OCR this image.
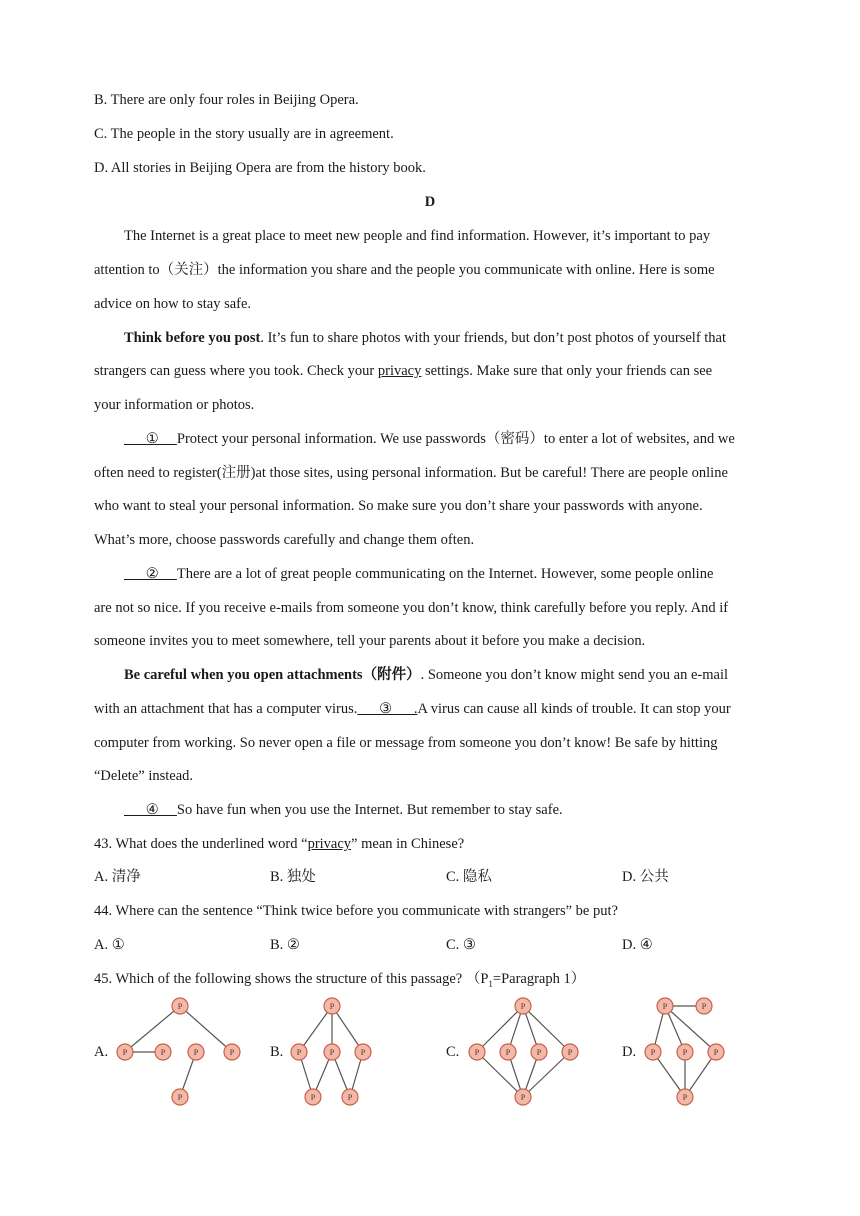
B. There are only four roles in Beijing Opera.
C. The people in the story usually are in agreement.
D. All stories in Beijing Opera are from the history book.
D
The Internet is a great place to meet new people and find information. However, it’s important to pay
attention to（关注）the information you share and the people you communicate with online. Here is some
advice on how to stay safe.
Think before you post. It’s fun to share photos with your friends, but don’t post photos of yourself that
strangers can guess where you took. Check your privacy settings. Make sure that only your friends can see
your information or photos.
①     Protect your personal information. We use passwords（密码）to enter a lot of websites, and we
often need to register(注册)at those sites, using personal information. But be careful! There are people online
who want to steal your personal information. So make sure you don’t share your passwords with anyone.
What’s more, choose passwords carefully and change them often.
②     There are a lot of great people communicating on the Internet. However, some people online
are not so nice. If you receive e-mails from someone you don’t know, think carefully before you reply. And if
someone invites you to meet somewhere, tell your parents about it before you make a decision.
Be careful when you open attachments（附件）. Someone you don’t know might send you an e-mail
with an attachment that has a computer virus.      ③      .A virus can cause all kinds of trouble. It can stop your
computer from working. So never open a file or message from someone you don’t know! Be safe by hitting
“Delete” instead.
④     So have fun when you use the Internet. But remember to stay safe.
43. What does the underlined word “privacy” mean in Chinese?
A. 清净	B. 独处	C. 隐私	D. 公共
44. Where can the sentence “Think twice before you communicate with strangers” be put?
A. ①	B. ②	C. ③	D. ④
45. Which of the following shows the structure of this passage? （$P_1=Paragraph$ 1）
A.	B.	C.	D.
P
P	P	P	P
P
P
P	P	P
P	P
P
P	P	P	P
P
P	P
P	P	P
P
